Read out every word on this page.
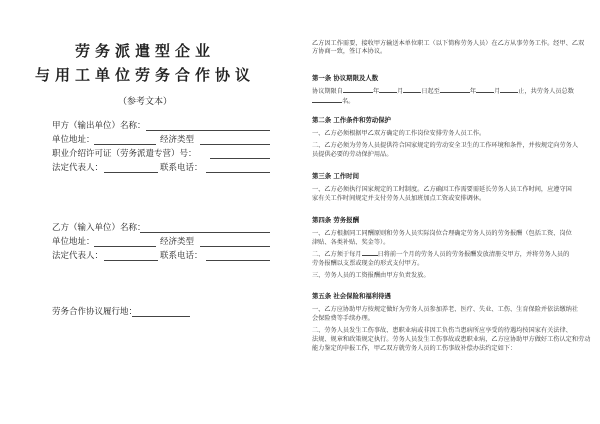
劳务派遣型企业
与用工单位劳务合作协议
（参考文本）
甲方（输出单位）名称：
单位地址：	经济类型
职业介绍许可证（劳务派遣专营）号：
法定代表人：	联系电话：
乙方（输入单位）名称：
单位地址：	经济类型
法定代表人：	联系电话：
劳务合作协议履行地：
乙方因工作需要，接收甲方输送本单位职工（以下简称劳务人员）在乙方从事劳务工作。经甲、乙双方协商一致，签订本协议。
第一条 协议期限及人数
协议期限自	年	月	日起至	年	月	止，共劳务人员总数
名。
第二条 工作条件和劳动保护
一、乙方必须根据甲乙双方确定的工作岗位安排劳务人员工作。
二、乙方必须为劳务人员提供符合国家规定的劳动安全卫生的工作环境和条件，并按规定向劳务人
员提供必要的劳动保护用品。
第三条 工作时间
一、乙方必须执行国家规定的工时制度。乙方确因工作需要需延长劳务人员工作时间，应遵守国
家有关工作时间规定并支付劳务人员加班加点工资或安排调休。
第四条 劳务报酬
一、乙方根据同工同酬原则和劳务人员实际岗位合理确定劳务人员的劳务报酬（包括工资、岗位
津贴、各类补贴、奖金等）。
二、乙方须于每月	日将前一个月的劳务人员的劳务报酬发放清册交甲方，并将劳务人员的
劳务报酬以支票或现金的形式支付甲方。
三、劳务人员的工资报酬由甲方负责发放。
第五条 社会保险和福利待遇
一、乙方应协助甲方按规定做好为劳务人员参加养老、医疗、失业、工伤、生育保险并依法缴纳社
会保险费等手续办理。
二、劳务人员发生工伤事故、患职业病或非因工负伤当患病所应享受的待遇均按国家有关法律、
法规、规章和政策规定执行。劳务人员发生工伤事故或患职业病，乙方应协助甲方做好工伤认定和劳动
能力鉴定的申报工作，甲乙双方就劳务人员的工伤事故补偿办法约定如下：
